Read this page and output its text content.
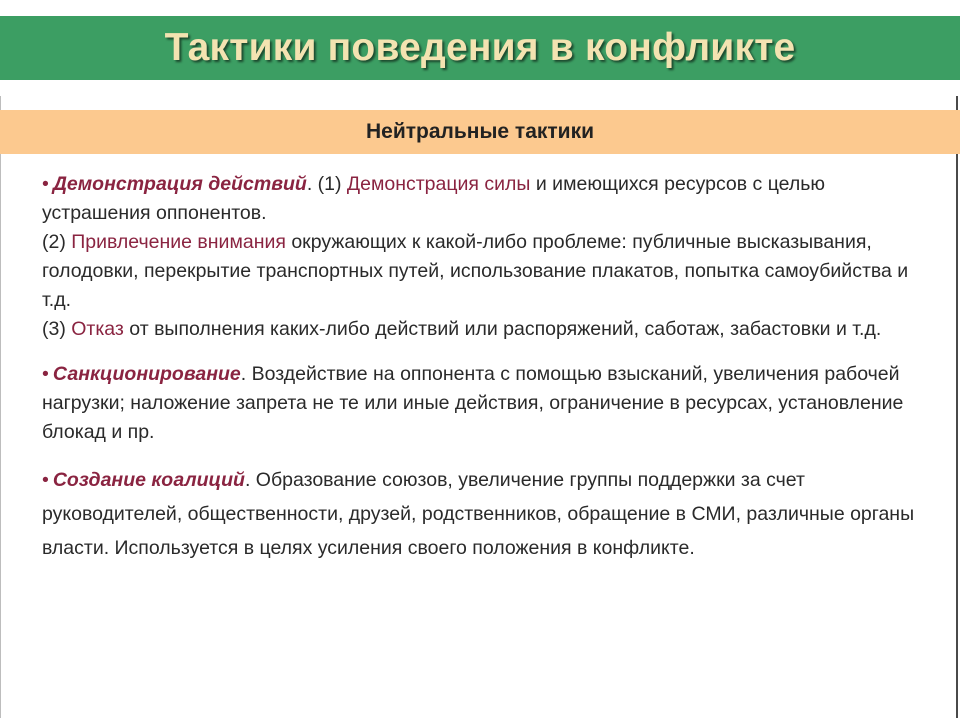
Тактики поведения в конфликте
Нейтральные тактики
• Демонстрация действий. (1) Демонстрация силы и имеющихся ресурсов с целью устрашения оппонентов.
(2) Привлечение внимания окружающих к какой-либо проблеме: публичные высказывания, голодовки, перекрытие транспортных путей, использование плакатов, попытка самоубийства и т.д.
(3) Отказ от выполнения каких-либо действий или распоряжений, саботаж, забастовки и т.д.
• Санкционирование. Воздействие на оппонента с помощью взысканий, увеличения рабочей нагрузки; наложение запрета не те или иные действия, ограничение в ресурсах, установление блокад и пр.
• Создание коалиций. Образование союзов, увеличение группы поддержки за счет руководителей, общественности, друзей, родственников, обращение в СМИ, различные органы власти. Используется в целях усиления своего положения в конфликте.
